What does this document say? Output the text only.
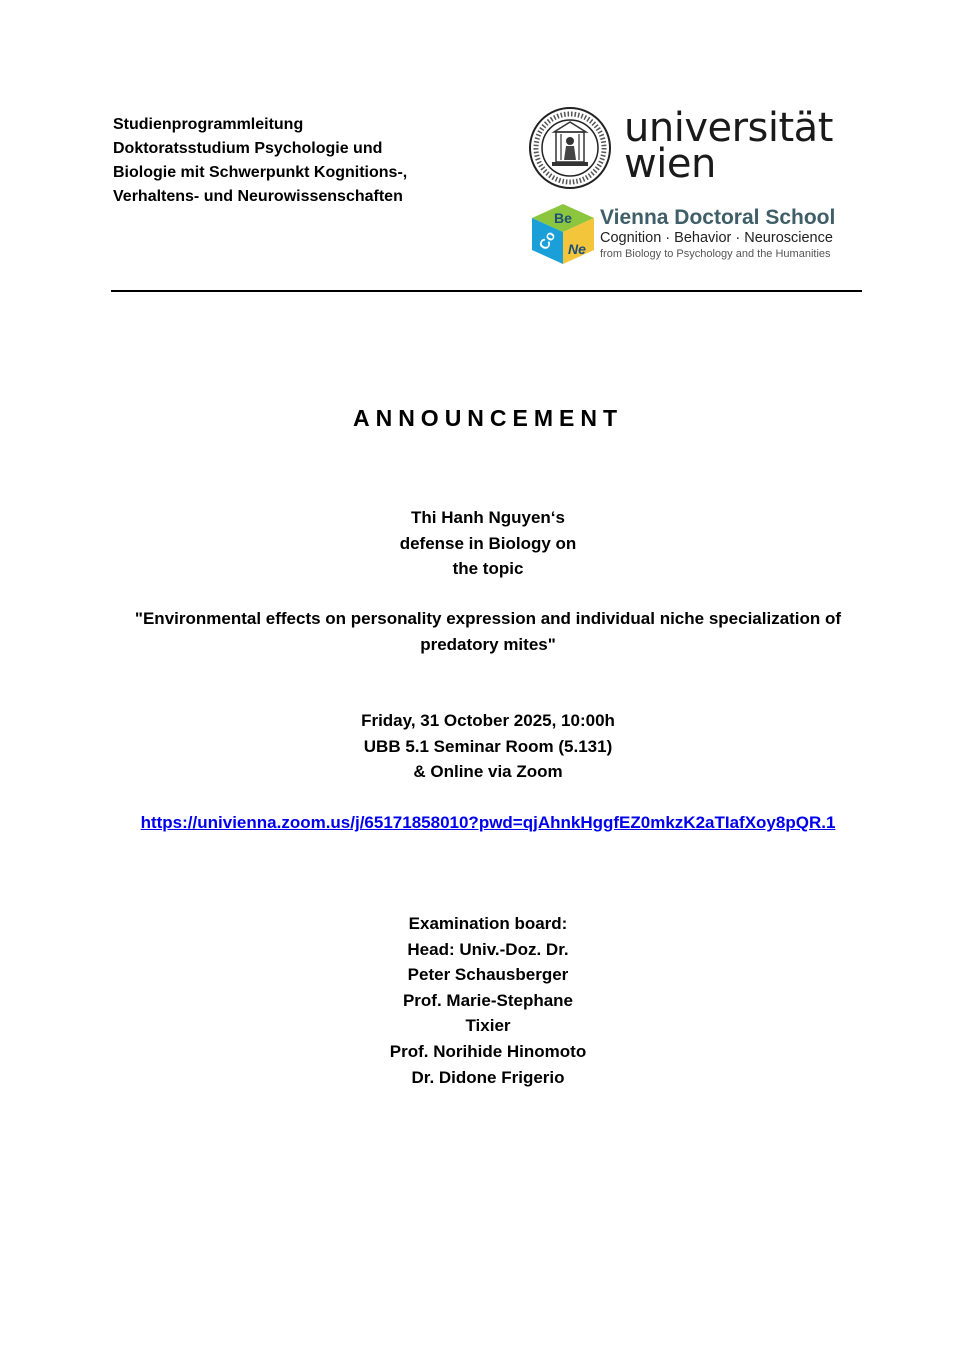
Studienprogrammleitung
Doktoratsstudium Psychologie und
Biologie mit Schwerpunkt Kognitions-,
Verhaltens- und Neurowissenschaften
universität
wien
Co
Be
Ne
Vienna Doctoral School
Cognition · Behavior · Neuroscience
from Biology to Psychology and the Humanities
ANNOUNCEMENT
Thi Hanh Nguyen‘s
defense in Biology on
the topic
"Environmental effects on personality expression and individual niche specialization of
predatory mites"
Friday, 31 October 2025, 10:00h
UBB 5.1 Seminar Room (5.131)
& Online via Zoom
https://univienna.zoom.us/j/65171858010?pwd=qjAhnkHggfEZ0mkzK2aTIafXoy8pQR.1
Examination board:
Head: Univ.-Doz. Dr.
Peter Schausberger
Prof. Marie-Stephane
Tixier
Prof. Norihide Hinomoto
Dr. Didone Frigerio
